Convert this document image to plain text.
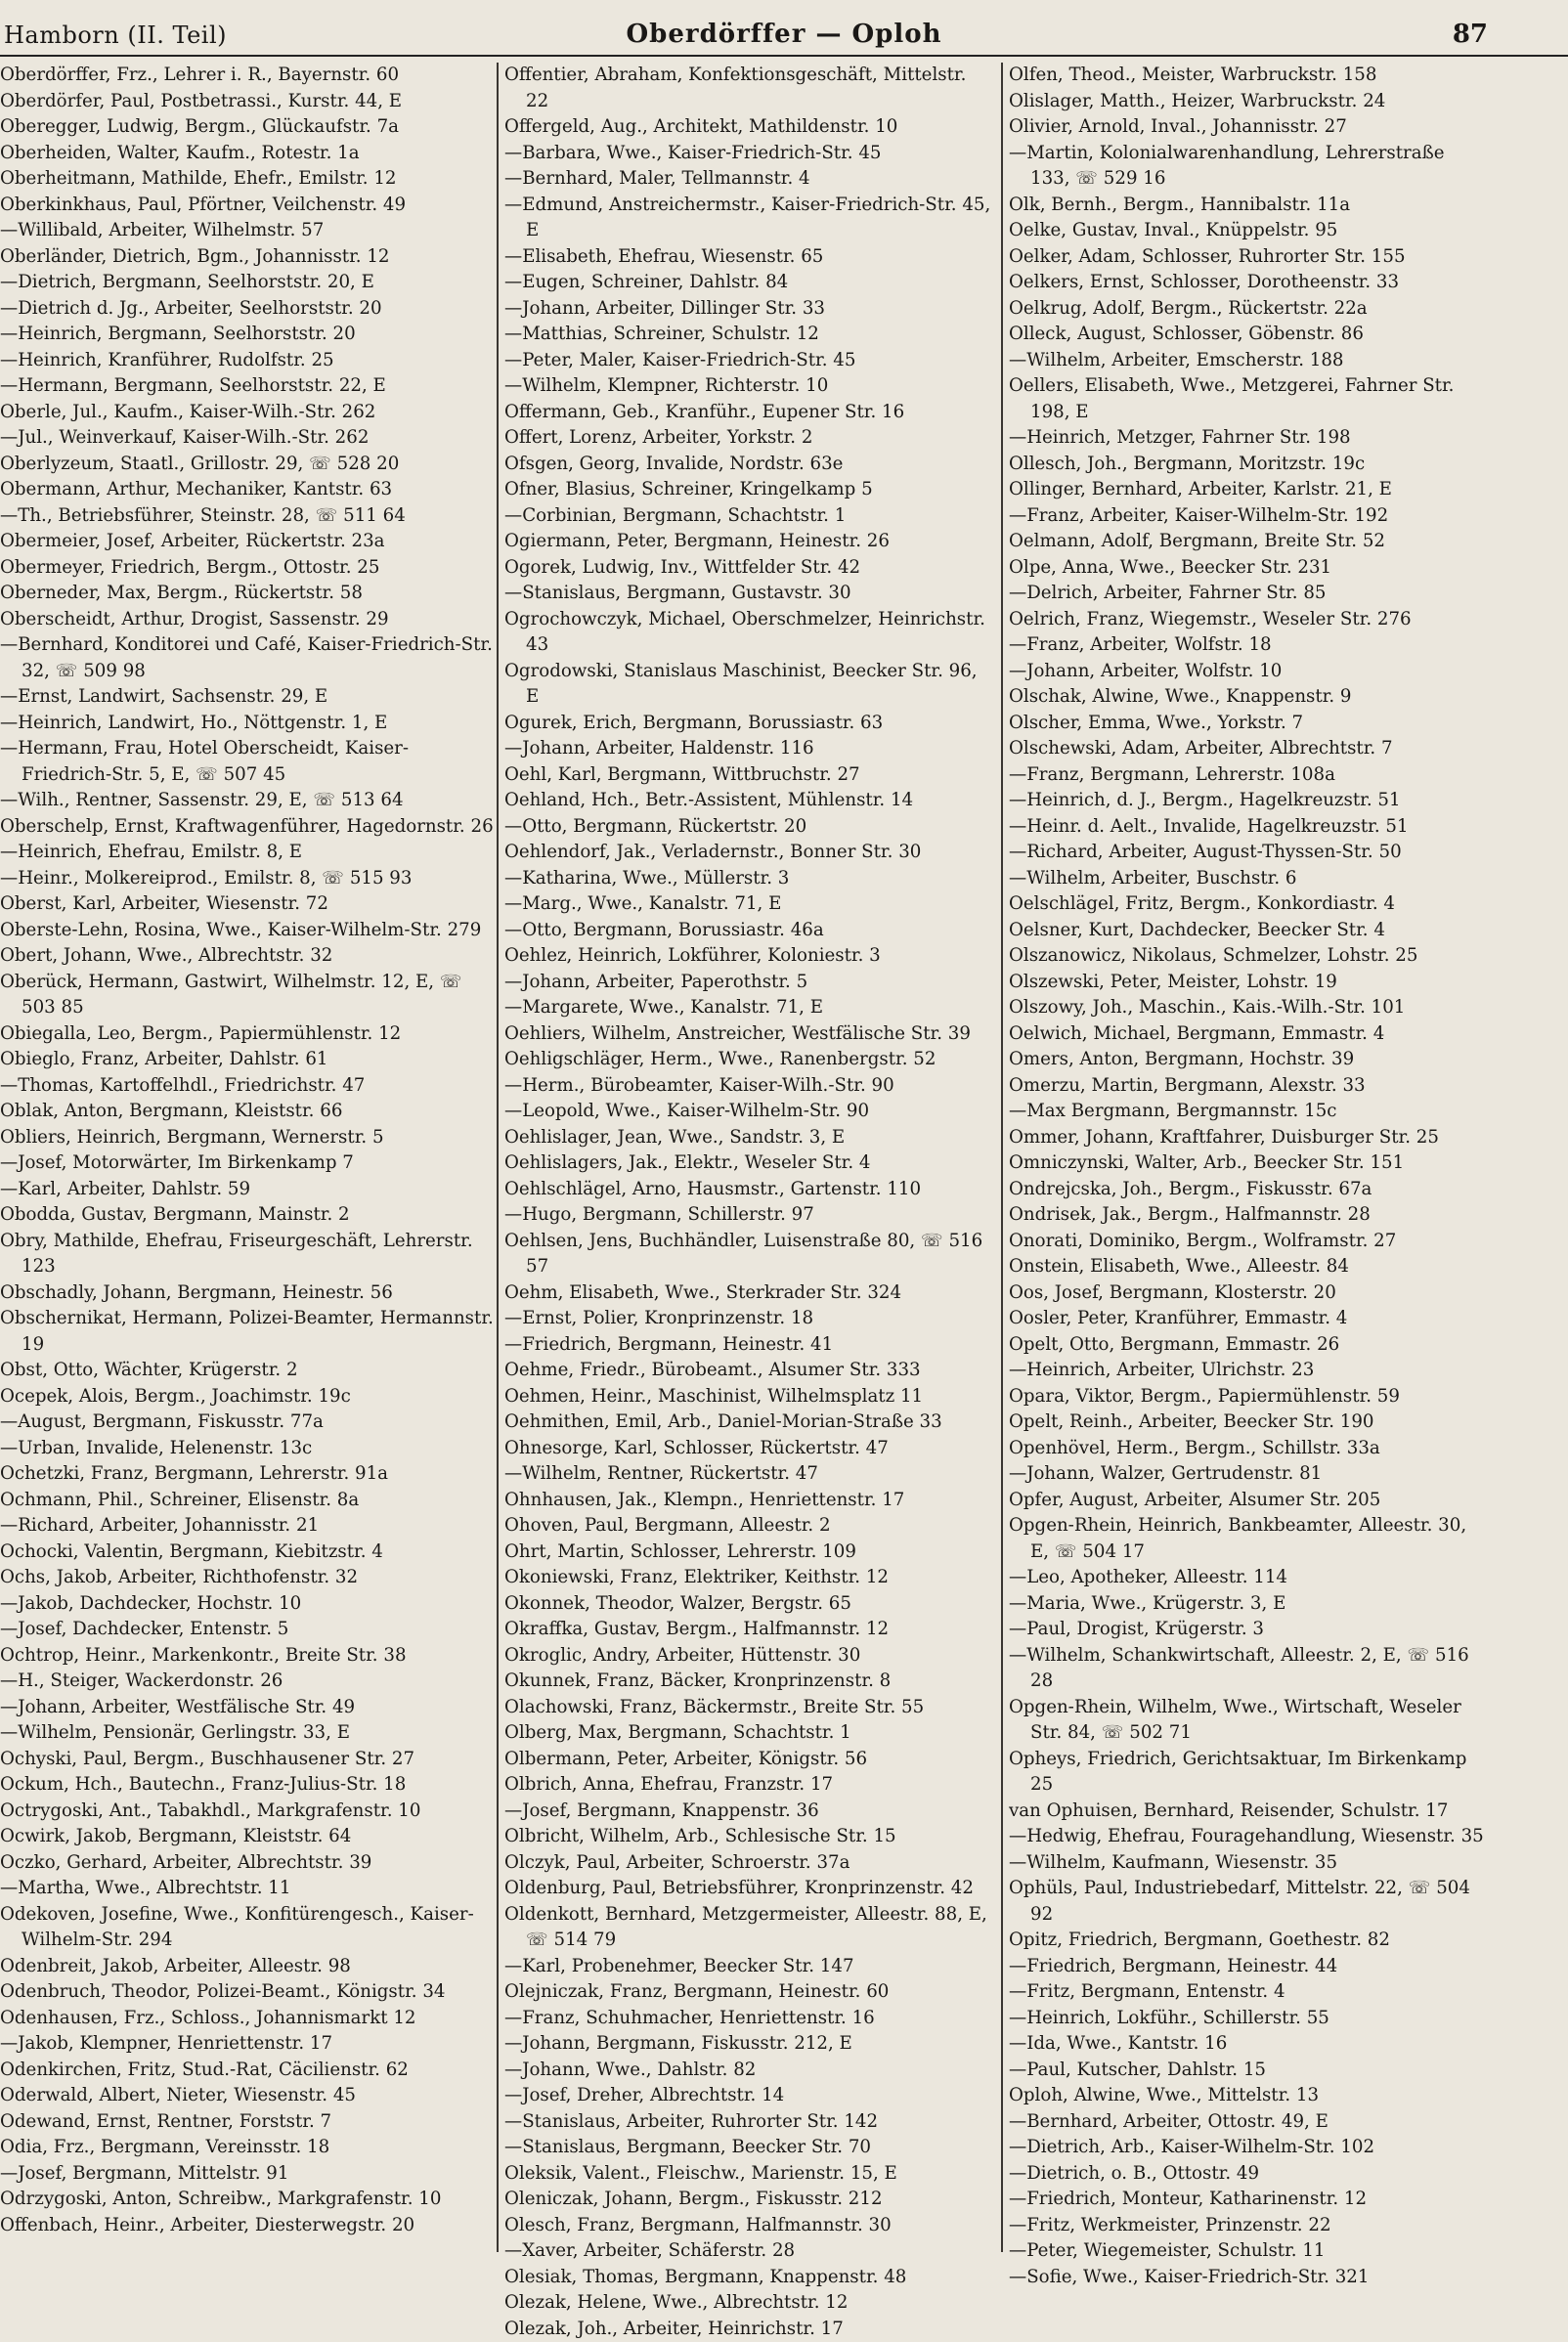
Hamborn (II. Teil)	Oberdörffer — Oploh	87
Oberdörffer, Frz., Lehrer i. R., Bayernstr. 60
Oberdörfer, Paul, Postbetrassi., Kurstr. 44, E
Oberegger, Ludwig, Bergm., Glückaufstr. 7a
Oberheiden, Walter, Kaufm., Rotestr. 1a
Oberheitmann, Mathilde, Ehefr., Emilstr. 12
Oberkinkhaus, Paul, Pförtner, Veilchenstr. 49
—Willibald, Arbeiter, Wilhelmstr. 57
Oberländer, Dietrich, Bgm., Johannisstr. 12
—Dietrich, Bergmann, Seelhorststr. 20, E
—Dietrich d. Jg., Arbeiter, Seelhorststr. 20
—Heinrich, Bergmann, Seelhorststr. 20
—Heinrich, Kranführer, Rudolfstr. 25
—Hermann, Bergmann, Seelhorststr. 22, E
Oberle, Jul., Kaufm., Kaiser-Wilh.-Str. 262
—Jul., Weinverkauf, Kaiser-Wilh.-Str. 262
Oberlyzeum, Staatl., Grillostr. 29, ☏ 528 20
Obermann, Arthur, Mechaniker, Kantstr. 63
—Th., Betriebsführer, Steinstr. 28, ☏ 511 64
Obermeier, Josef, Arbeiter, Rückertstr. 23a
Obermeyer, Friedrich, Bergm., Ottostr. 25
Oberneder, Max, Bergm., Rückertstr. 58
Oberscheidt, Arthur, Drogist, Sassenstr. 29
—Bernhard, Konditorei und Café, Kaiser-Friedrich-Str. 32, ☏ 509 98
—Ernst, Landwirt, Sachsenstr. 29, E
—Heinrich, Landwirt, Ho., Nöttgenstr. 1, E
—Hermann, Frau, Hotel Oberscheidt, Kaiser-Friedrich-Str. 5, E, ☏ 507 45
—Wilh., Rentner, Sassenstr. 29, E, ☏ 513 64
Oberschelp, Ernst, Kraftwagenführer, Hagedornstr. 26
—Heinrich, Ehefrau, Emilstr. 8, E
—Heinr., Molkereiprod., Emilstr. 8, ☏ 515 93
Oberst, Karl, Arbeiter, Wiesenstr. 72
Oberste-Lehn, Rosina, Wwe., Kaiser-Wilhelm-Str. 279
Obert, Johann, Wwe., Albrechtstr. 32
Oberück, Hermann, Gastwirt, Wilhelmstr. 12, E, ☏ 503 85
Obiegalla, Leo, Bergm., Papiermühlenstr. 12
Obieglo, Franz, Arbeiter, Dahlstr. 61
—Thomas, Kartoffelhdl., Friedrichstr. 47
Oblak, Anton, Bergmann, Kleiststr. 66
Obliers, Heinrich, Bergmann, Wernerstr. 5
—Josef, Motorwärter, Im Birkenkamp 7
—Karl, Arbeiter, Dahlstr. 59
Obodda, Gustav, Bergmann, Mainstr. 2
Obry, Mathilde, Ehefrau, Friseurgeschäft, Lehrerstr. 123
Obschadly, Johann, Bergmann, Heinestr. 56
Obschernikat, Hermann, Polizei-Beamter, Hermannstr. 19
Obst, Otto, Wächter, Krügerstr. 2
Ocepek, Alois, Bergm., Joachimstr. 19c
—August, Bergmann, Fiskusstr. 77a
—Urban, Invalide, Helenenstr. 13c
Ochetzki, Franz, Bergmann, Lehrerstr. 91a
Ochmann, Phil., Schreiner, Elisenstr. 8a
—Richard, Arbeiter, Johannisstr. 21
Ochocki, Valentin, Bergmann, Kiebitzstr. 4
Ochs, Jakob, Arbeiter, Richthofenstr. 32
—Jakob, Dachdecker, Hochstr. 10
—Josef, Dachdecker, Entenstr. 5
Ochtrop, Heinr., Markenkontr., Breite Str. 38
—H., Steiger, Wackerdonstr. 26
—Johann, Arbeiter, Westfälische Str. 49
—Wilhelm, Pensionär, Gerlingstr. 33, E
Ochyski, Paul, Bergm., Buschhausener Str. 27
Ockum, Hch., Bautechn., Franz-Julius-Str. 18
Octrygoski, Ant., Tabakhdl., Markgrafenstr. 10
Ocwirk, Jakob, Bergmann, Kleiststr. 64
Oczko, Gerhard, Arbeiter, Albrechtstr. 39
—Martha, Wwe., Albrechtstr. 11
Odekoven, Josefine, Wwe., Konfitürengesch., Kaiser-Wilhelm-Str. 294
Odenbreit, Jakob, Arbeiter, Alleestr. 98
Odenbruch, Theodor, Polizei-Beamt., Königstr. 34
Odenhausen, Frz., Schloss., Johannismarkt 12
—Jakob, Klempner, Henriettenstr. 17
Odenkirchen, Fritz, Stud.-Rat, Cäcilienstr. 62
Oderwald, Albert, Nieter, Wiesenstr. 45
Odewand, Ernst, Rentner, Forststr. 7
Odia, Frz., Bergmann, Vereinsstr. 18
—Josef, Bergmann, Mittelstr. 91
Odrzygoski, Anton, Schreibw., Markgrafenstr. 10
Offenbach, Heinr., Arbeiter, Diesterwegstr. 20
Offentier, Abraham, Konfektionsgeschäft, Mittelstr. 22
Offergeld, Aug., Architekt, Mathildenstr. 10
—Barbara, Wwe., Kaiser-Friedrich-Str. 45
—Bernhard, Maler, Tellmannstr. 4
—Edmund, Anstreichermstr., Kaiser-Friedrich-Str. 45, E
—Elisabeth, Ehefrau, Wiesenstr. 65
—Eugen, Schreiner, Dahlstr. 84
—Johann, Arbeiter, Dillinger Str. 33
—Matthias, Schreiner, Schulstr. 12
—Peter, Maler, Kaiser-Friedrich-Str. 45
—Wilhelm, Klempner, Richterstr. 10
Offermann, Geb., Kranführ., Eupener Str. 16
Offert, Lorenz, Arbeiter, Yorkstr. 2
Ofsgen, Georg, Invalide, Nordstr. 63e
Ofner, Blasius, Schreiner, Kringelkamp 5
—Corbinian, Bergmann, Schachtstr. 1
Ogiermann, Peter, Bergmann, Heinestr. 26
Ogorek, Ludwig, Inv., Wittfelder Str. 42
—Stanislaus, Bergmann, Gustavstr. 30
Ogrochowczyk, Michael, Oberschmelzer, Heinrichstr. 43
Ogrodowski, Stanislaus Maschinist, Beecker Str. 96, E
Ogurek, Erich, Bergmann, Borussiastr. 63
—Johann, Arbeiter, Haldenstr. 116
Oehl, Karl, Bergmann, Wittbruchstr. 27
Oehland, Hch., Betr.-Assistent, Mühlenstr. 14
—Otto, Bergmann, Rückertstr. 20
Oehlendorf, Jak., Verladernstr., Bonner Str. 30
—Katharina, Wwe., Müllerstr. 3
—Marg., Wwe., Kanalstr. 71, E
—Otto, Bergmann, Borussiastr. 46a
Oehlez, Heinrich, Lokführer, Koloniestr. 3
—Johann, Arbeiter, Paperothstr. 5
—Margarete, Wwe., Kanalstr. 71, E
Oehliers, Wilhelm, Anstreicher, Westfälische Str. 39
Oehligschläger, Herm., Wwe., Ranenbergstr. 52
—Herm., Bürobeamter, Kaiser-Wilh.-Str. 90
—Leopold, Wwe., Kaiser-Wilhelm-Str. 90
Oehlislager, Jean, Wwe., Sandstr. 3, E
Oehlislagers, Jak., Elektr., Weseler Str. 4
Oehlschlägel, Arno, Hausmstr., Gartenstr. 110
—Hugo, Bergmann, Schillerstr. 97
Oehlsen, Jens, Buchhändler, Luisenstraße 80, ☏ 516 57
Oehm, Elisabeth, Wwe., Sterkrader Str. 324
—Ernst, Polier, Kronprinzenstr. 18
—Friedrich, Bergmann, Heinestr. 41
Oehme, Friedr., Bürobeamt., Alsumer Str. 333
Oehmen, Heinr., Maschinist, Wilhelmsplatz 11
Oehmithen, Emil, Arb., Daniel-Morian-Straße 33
Ohnesorge, Karl, Schlosser, Rückertstr. 47
—Wilhelm, Rentner, Rückertstr. 47
Ohnhausen, Jak., Klempn., Henriettenstr. 17
Ohoven, Paul, Bergmann, Alleestr. 2
Ohrt, Martin, Schlosser, Lehrerstr. 109
Okoniewski, Franz, Elektriker, Keithstr. 12
Okonnek, Theodor, Walzer, Bergstr. 65
Okraffka, Gustav, Bergm., Halfmannstr. 12
Okroglic, Andry, Arbeiter, Hüttenstr. 30
Okunnek, Franz, Bäcker, Kronprinzenstr. 8
Olachowski, Franz, Bäckermstr., Breite Str. 55
Olberg, Max, Bergmann, Schachtstr. 1
Olbermann, Peter, Arbeiter, Königstr. 56
Olbrich, Anna, Ehefrau, Franzstr. 17
—Josef, Bergmann, Knappenstr. 36
Olbricht, Wilhelm, Arb., Schlesische Str. 15
Olczyk, Paul, Arbeiter, Schroerstr. 37a
Oldenburg, Paul, Betriebsführer, Kronprinzenstr. 42
Oldenkott, Bernhard, Metzgermeister, Alleestr. 88, E, ☏ 514 79
—Karl, Probenehmer, Beecker Str. 147
Olejniczak, Franz, Bergmann, Heinestr. 60
—Franz, Schuhmacher, Henriettenstr. 16
—Johann, Bergmann, Fiskusstr. 212, E
—Johann, Wwe., Dahlstr. 82
—Josef, Dreher, Albrechtstr. 14
—Stanislaus, Arbeiter, Ruhrorter Str. 142
—Stanislaus, Bergmann, Beecker Str. 70
Oleksik, Valent., Fleischw., Marienstr. 15, E
Oleniczak, Johann, Bergm., Fiskusstr. 212
Olesch, Franz, Bergmann, Halfmannstr. 30
—Xaver, Arbeiter, Schäferstr. 28
Olesiak, Thomas, Bergmann, Knappenstr. 48
Olezak, Helene, Wwe., Albrechtstr. 12
Olezak, Joh., Arbeiter, Heinrichstr. 17
Olfen, Theod., Meister, Warbruckstr. 158
Olislager, Matth., Heizer, Warbruckstr. 24
Olivier, Arnold, Inval., Johannisstr. 27
—Martin, Kolonialwarenhandlung, Lehrerstraße 133, ☏ 529 16
Olk, Bernh., Bergm., Hannibalstr. 11a
Oelke, Gustav, Inval., Knüppelstr. 95
Oelker, Adam, Schlosser, Ruhrorter Str. 155
Oelkers, Ernst, Schlosser, Dorotheenstr. 33
Oelkrug, Adolf, Bergm., Rückertstr. 22a
Olleck, August, Schlosser, Göbenstr. 86
—Wilhelm, Arbeiter, Emscherstr. 188
Oellers, Elisabeth, Wwe., Metzgerei, Fahrner Str. 198, E
—Heinrich, Metzger, Fahrner Str. 198
Ollesch, Joh., Bergmann, Moritzstr. 19c
Ollinger, Bernhard, Arbeiter, Karlstr. 21, E
—Franz, Arbeiter, Kaiser-Wilhelm-Str. 192
Oelmann, Adolf, Bergmann, Breite Str. 52
Olpe, Anna, Wwe., Beecker Str. 231
—Delrich, Arbeiter, Fahrner Str. 85
Oelrich, Franz, Wiegemstr., Weseler Str. 276
—Franz, Arbeiter, Wolfstr. 18
—Johann, Arbeiter, Wolfstr. 10
Olschak, Alwine, Wwe., Knappenstr. 9
Olscher, Emma, Wwe., Yorkstr. 7
Olschewski, Adam, Arbeiter, Albrechtstr. 7
—Franz, Bergmann, Lehrerstr. 108a
—Heinrich, d. J., Bergm., Hagelkreuzstr. 51
—Heinr. d. Aelt., Invalide, Hagelkreuzstr. 51
—Richard, Arbeiter, August-Thyssen-Str. 50
—Wilhelm, Arbeiter, Buschstr. 6
Oelschlägel, Fritz, Bergm., Konkordiastr. 4
Oelsner, Kurt, Dachdecker, Beecker Str. 4
Olszanowicz, Nikolaus, Schmelzer, Lohstr. 25
Olszewski, Peter, Meister, Lohstr. 19
Olszowy, Joh., Maschin., Kais.-Wilh.-Str. 101
Oelwich, Michael, Bergmann, Emmastr. 4
Omers, Anton, Bergmann, Hochstr. 39
Omerzu, Martin, Bergmann, Alexstr. 33
—Max Bergmann, Bergmannstr. 15c
Ommer, Johann, Kraftfahrer, Duisburger Str. 25
Omniczynski, Walter, Arb., Beecker Str. 151
Ondrejcska, Joh., Bergm., Fiskusstr. 67a
Ondrisek, Jak., Bergm., Halfmannstr. 28
Onorati, Dominiko, Bergm., Wolframstr. 27
Onstein, Elisabeth, Wwe., Alleestr. 84
Oos, Josef, Bergmann, Klosterstr. 20
Oosler, Peter, Kranführer, Emmastr. 4
Opelt, Otto, Bergmann, Emmastr. 26
—Heinrich, Arbeiter, Ulrichstr. 23
Opara, Viktor, Bergm., Papiermühlenstr. 59
Opelt, Reinh., Arbeiter, Beecker Str. 190
Openhövel, Herm., Bergm., Schillstr. 33a
—Johann, Walzer, Gertrudenstr. 81
Opfer, August, Arbeiter, Alsumer Str. 205
Opgen-Rhein, Heinrich, Bankbeamter, Alleestr. 30, E, ☏ 504 17
—Leo, Apotheker, Alleestr. 114
—Maria, Wwe., Krügerstr. 3, E
—Paul, Drogist, Krügerstr. 3
—Wilhelm, Schankwirtschaft, Alleestr. 2, E, ☏ 516 28
Opgen-Rhein, Wilhelm, Wwe., Wirtschaft, Weseler Str. 84, ☏ 502 71
Opheys, Friedrich, Gerichtsaktuar, Im Birkenkamp 25
van Ophuisen, Bernhard, Reisender, Schulstr. 17
—Hedwig, Ehefrau, Fouragehandlung, Wiesenstr. 35
—Wilhelm, Kaufmann, Wiesenstr. 35
Ophüls, Paul, Industriebedarf, Mittelstr. 22, ☏ 504 92
Opitz, Friedrich, Bergmann, Goethestr. 82
—Friedrich, Bergmann, Heinestr. 44
—Fritz, Bergmann, Entenstr. 4
—Heinrich, Lokführ., Schillerstr. 55
—Ida, Wwe., Kantstr. 16
—Paul, Kutscher, Dahlstr. 15
Oploh, Alwine, Wwe., Mittelstr. 13
—Bernhard, Arbeiter, Ottostr. 49, E
—Dietrich, Arb., Kaiser-Wilhelm-Str. 102
—Dietrich, o. B., Ottostr. 49
—Friedrich, Monteur, Katharinenstr. 12
—Fritz, Werkmeister, Prinzenstr. 22
—Peter, Wiegemeister, Schulstr. 11
—Sofie, Wwe., Kaiser-Friedrich-Str. 321
